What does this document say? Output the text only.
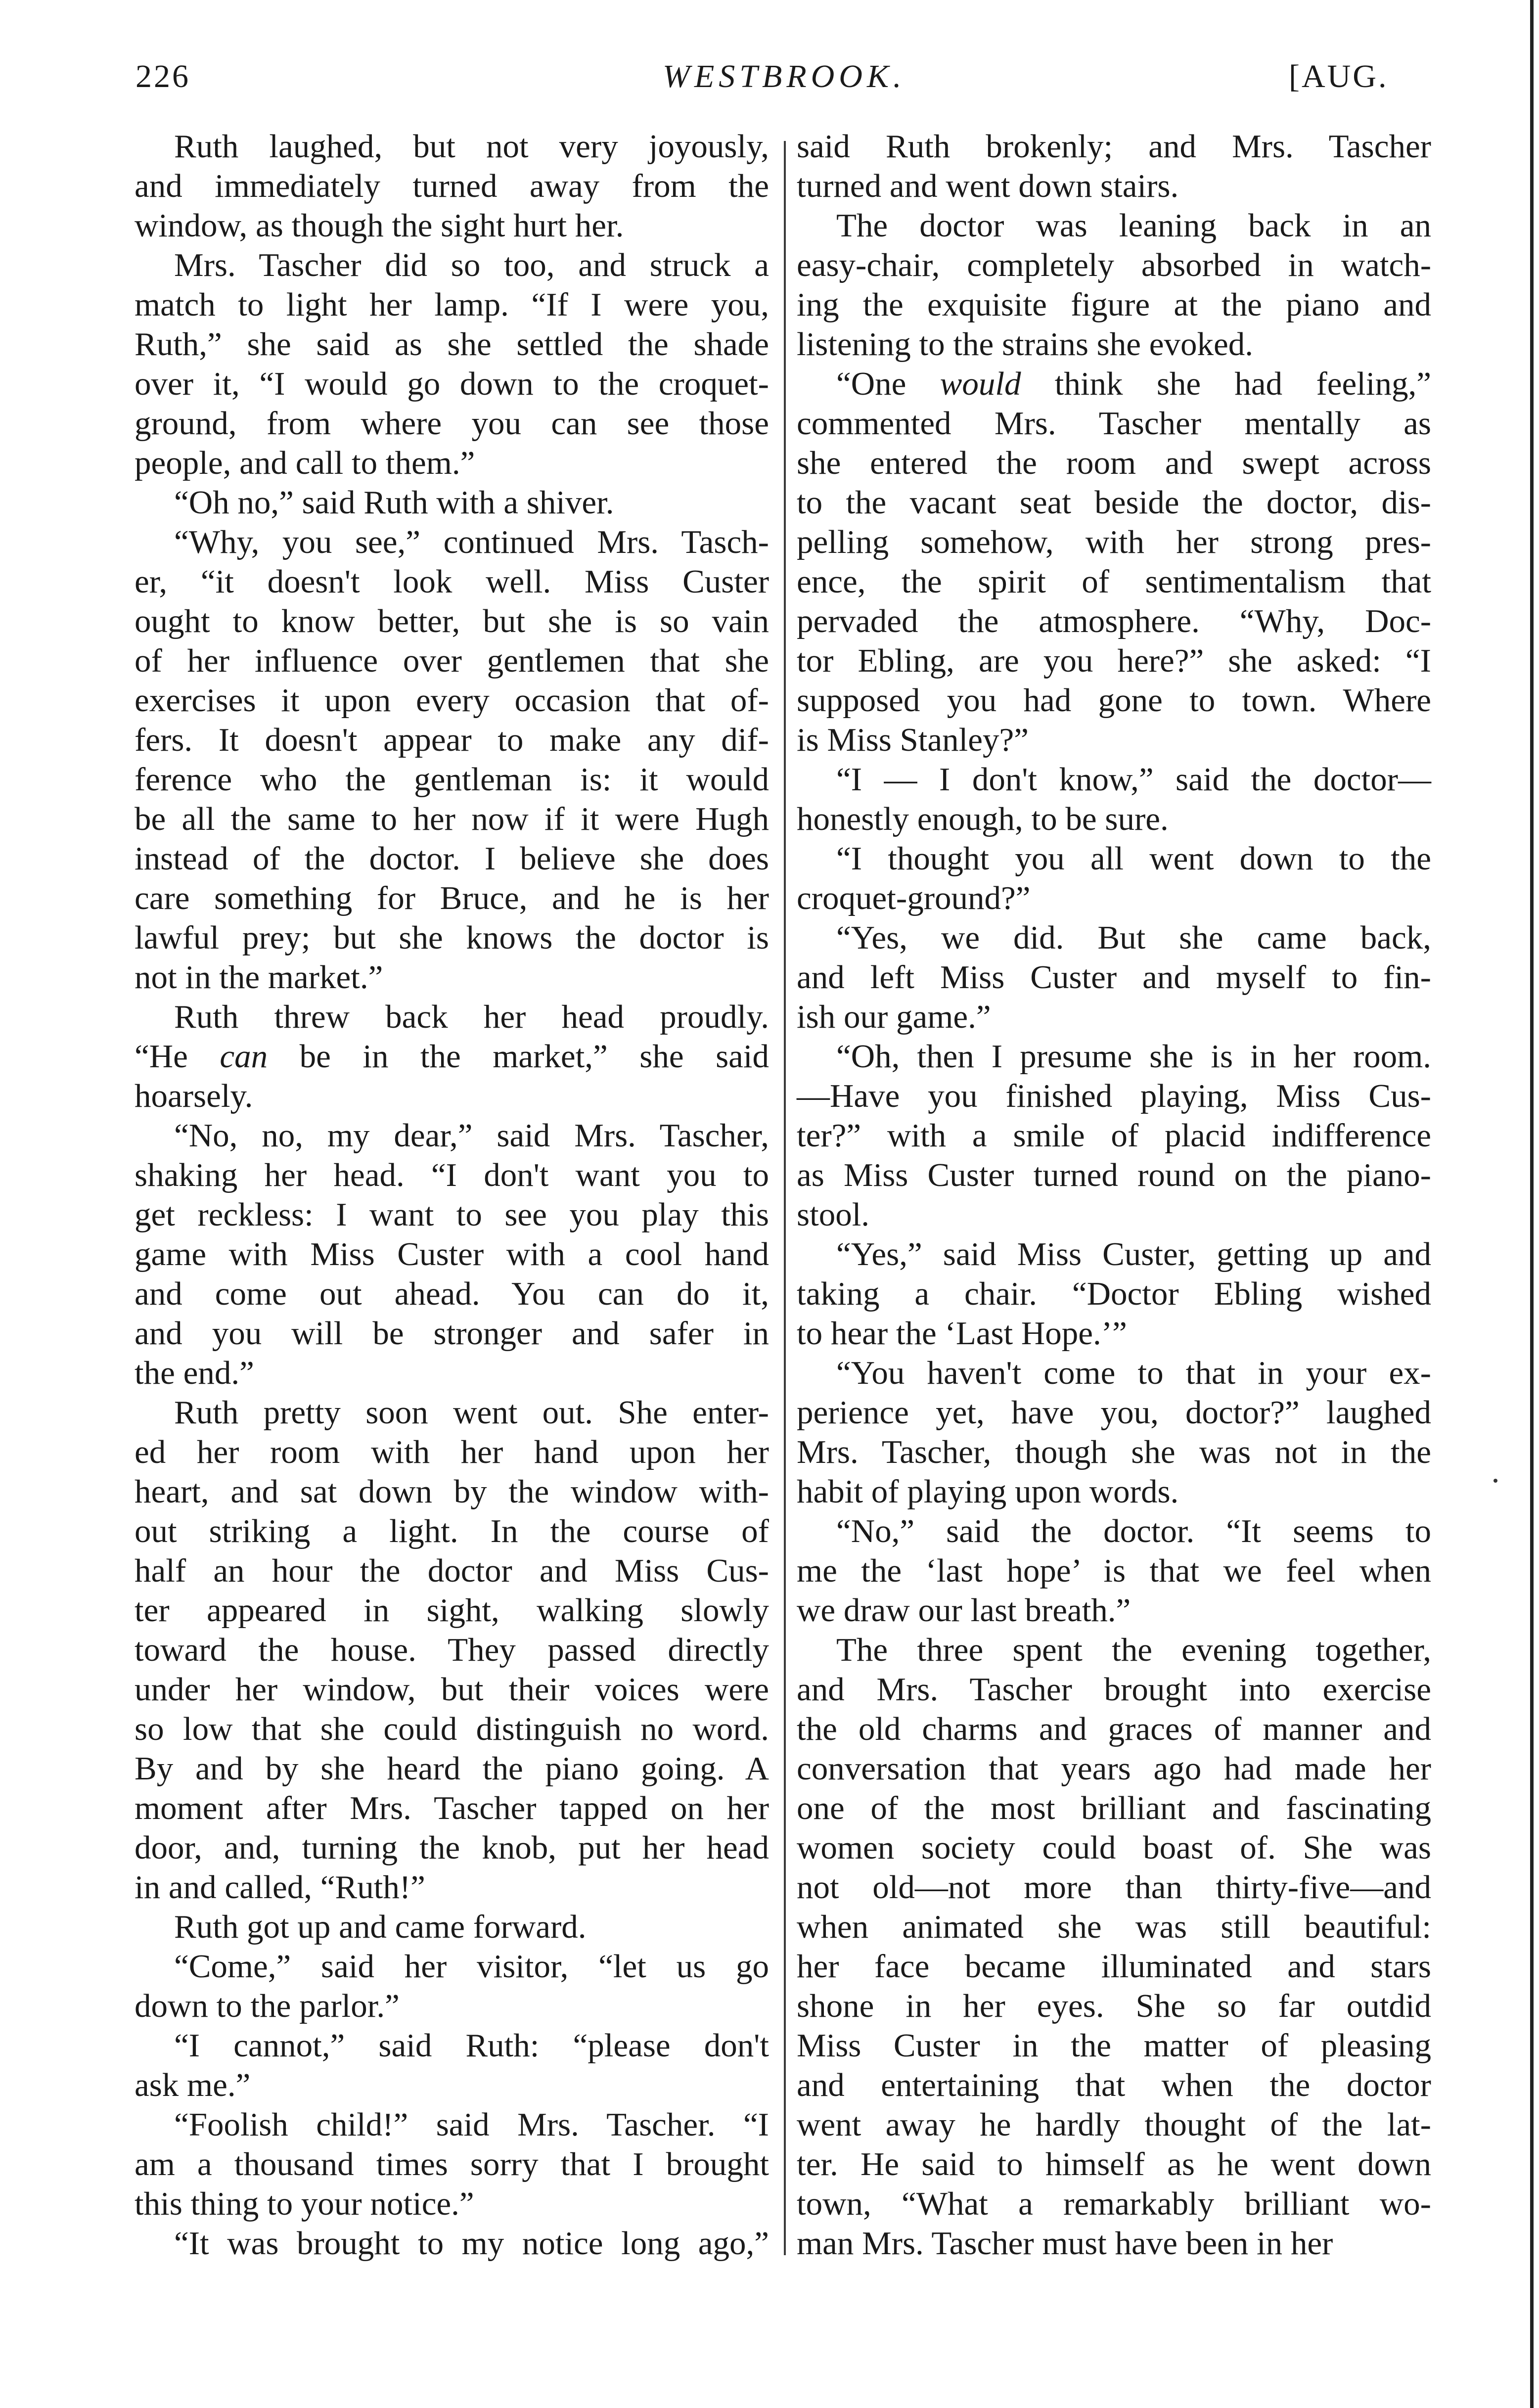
226	WESTBROOK.	[AUG.
Ruth laughed, but not very joyously,
and immediately turned away from the
window, as though the sight hurt her.
Mrs. Tascher did so too, and struck a
match to light her lamp. “If I were you,
Ruth,” she said as she settled the shade
over it, “I would go down to the croquet-
ground, from where you can see those
people, and call to them.”
“Oh no,” said Ruth with a shiver.
“Why, you see,” continued Mrs. Tasch-
er, “it doesn't look well. Miss Custer
ought to know better, but she is so vain
of her influence over gentlemen that she
exercises it upon every occasion that of-
fers. It doesn't appear to make any dif-
ference who the gentleman is: it would
be all the same to her now if it were Hugh
instead of the doctor. I believe she does
care something for Bruce, and he is her
lawful prey; but she knows the doctor is
not in the market.”
Ruth threw back her head proudly.
“He can be in the market,” she said
hoarsely.
“No, no, my dear,” said Mrs. Tascher,
shaking her head. “I don't want you to
get reckless: I want to see you play this
game with Miss Custer with a cool hand
and come out ahead. You can do it,
and you will be stronger and safer in
the end.”
Ruth pretty soon went out. She enter-
ed her room with her hand upon her
heart, and sat down by the window with-
out striking a light. In the course of
half an hour the doctor and Miss Cus-
ter appeared in sight, walking slowly
toward the house. They passed directly
under her window, but their voices were
so low that she could distinguish no word.
By and by she heard the piano going. A
moment after Mrs. Tascher tapped on her
door, and, turning the knob, put her head
in and called, “Ruth!”
Ruth got up and came forward.
“Come,” said her visitor, “let us go
down to the parlor.”
“I cannot,” said Ruth: “please don't
ask me.”
“Foolish child!” said Mrs. Tascher. “I
am a thousand times sorry that I brought
this thing to your notice.”
“It was brought to my notice long ago,”
said Ruth brokenly; and Mrs. Tascher
turned and went down stairs.
The doctor was leaning back in an
easy-chair, completely absorbed in watch-
ing the exquisite figure at the piano and
listening to the strains she evoked.
“One would think she had feeling,”
commented Mrs. Tascher mentally as
she entered the room and swept across
to the vacant seat beside the doctor, dis-
pelling somehow, with her strong pres-
ence, the spirit of sentimentalism that
pervaded the atmosphere. “Why, Doc-
tor Ebling, are you here?” she asked: “I
supposed you had gone to town. Where
is Miss Stanley?”
“I — I don't know,” said the doctor—
honestly enough, to be sure.
“I thought you all went down to the
croquet-ground?”
“Yes, we did. But she came back,
and left Miss Custer and myself to fin-
ish our game.”
“Oh, then I presume she is in her room.
—Have you finished playing, Miss Cus-
ter?” with a smile of placid indifference
as Miss Custer turned round on the piano-
stool.
“Yes,” said Miss Custer, getting up and
taking a chair. “Doctor Ebling wished
to hear the ‘Last Hope.’”
“You haven't come to that in your ex-
perience yet, have you, doctor?” laughed
Mrs. Tascher, though she was not in the
habit of playing upon words.
“No,” said the doctor. “It seems to
me the ‘last hope’ is that we feel when
we draw our last breath.”
The three spent the evening together,
and Mrs. Tascher brought into exercise
the old charms and graces of manner and
conversation that years ago had made her
one of the most brilliant and fascinating
women society could boast of. She was
not old—not more than thirty-five—and
when animated she was still beautiful:
her face became illuminated and stars
shone in her eyes. She so far outdid
Miss Custer in the matter of pleasing
and entertaining that when the doctor
went away he hardly thought of the lat-
ter. He said to himself as he went down
town, “What a remarkably brilliant wo-
man Mrs. Tascher must have been in her
